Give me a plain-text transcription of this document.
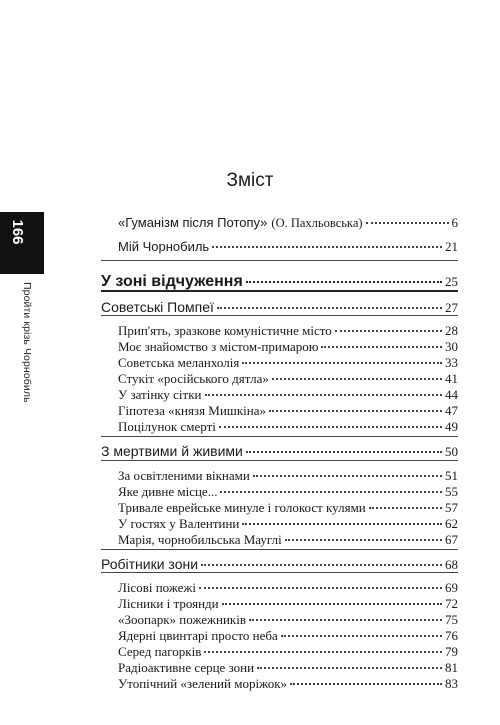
166
Пройти крізь Чорнобиль
Зміст
«Гуманізм після Потопу» (О. Пахльовська)	6
Мій Чорнобиль	21
У зоні відчуження	25
Советські Помпеї	27
Прип'ять, зразкове комуністичне місто	28
Моє знайомство з містом-примарою	30
Советська меланхолія	33
Стукіт «російського дятла»	41
У затінку сітки	44
Гіпотеза «князя Мишкіна»	47
Поцілунок смерті	49
З мертвими й живими	50
За освітленими вікнами	51
Яке дивне місце...	55
Тривале еврейське минуле і голокост кулями	57
У гостях у Валентини	62
Марія, чорнобильська Мауглі	67
Робітники зони	68
Лісові пожежі	69
Лісники і троянди	72
«Зоопарк» пожежників	75
Ядерні цвинтарі просто неба	76
Серед пагорків	79
Радіоактивне серце зони	81
Утопічний «зелений моріжок»	83
